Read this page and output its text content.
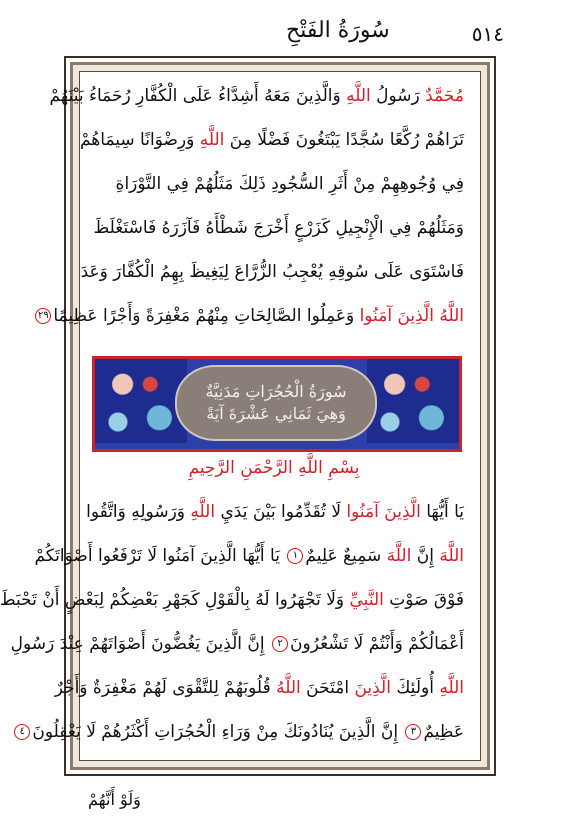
٥١٤
سُورَةُ الفَتْحِ
مُحَمَّدٌ رَسُولُ اللَّهِ وَالَّذِينَ مَعَهُ أَشِدَّاءُ عَلَى الْكُفَّارِ رُحَمَاءُ بَيْنَهُمْ
تَرَاهُمْ رُكَّعًا سُجَّدًا يَبْتَغُونَ فَضْلًا مِنَ اللَّهِ وَرِضْوَانًا سِيمَاهُمْ
فِي وُجُوهِهِمْ مِنْ أَثَرِ السُّجُودِ ذَلِكَ مَثَلُهُمْ فِي التَّوْرَاةِ
وَمَثَلُهُمْ فِي الْإِنْجِيلِ كَزَرْعٍ أَخْرَجَ شَطْأَهُ فَآزَرَهُ فَاسْتَغْلَظَ
فَاسْتَوَى عَلَى سُوقِهِ يُعْجِبُ الزُّرَّاعَ لِيَغِيظَ بِهِمُ الْكُفَّارَ وَعَدَ
اللَّهُ الَّذِينَ آمَنُوا وَعَمِلُوا الصَّالِحَاتِ مِنْهُمْ مَغْفِرَةً وَأَجْرًا عَظِيمًا٢٩
بِسْمِ اللَّهِ الرَّحْمَنِ الرَّحِيمِ
يَا أَيُّهَا الَّذِينَ آمَنُوا لَا تُقَدِّمُوا بَيْنَ يَدَيِ اللَّهِ وَرَسُولِهِ وَاتَّقُوا
اللَّهَ إِنَّ اللَّهَ سَمِيعٌ عَلِيمٌ١ يَا أَيُّهَا الَّذِينَ آمَنُوا لَا تَرْفَعُوا أَصْوَاتَكُمْ
فَوْقَ صَوْتِ النَّبِيِّ وَلَا تَجْهَرُوا لَهُ بِالْقَوْلِ كَجَهْرِ بَعْضِكُمْ لِبَعْضٍ أَنْ تَحْبَطَ
أَعْمَالُكُمْ وَأَنْتُمْ لَا تَشْعُرُونَ٢ إِنَّ الَّذِينَ يَغُضُّونَ أَصْوَاتَهُمْ عِنْدَ رَسُولِ
اللَّهِ أُولَئِكَ الَّذِينَ امْتَحَنَ اللَّهُ قُلُوبَهُمْ لِلتَّقْوَى لَهُمْ مَغْفِرَةٌ وَأَجْرٌ
عَظِيمٌ٣ إِنَّ الَّذِينَ يُنَادُونَكَ مِنْ وَرَاءِ الْحُجُرَاتِ أَكْثَرُهُمْ لَا يَعْقِلُونَ٤
سُورَةُ الْحُجُرَاتِ مَدَنِيَّةٌ
وَهِيَ ثَمَانِي عَشْرَةَ آيَةً
وَلَوْ أَنَّهُمْ
